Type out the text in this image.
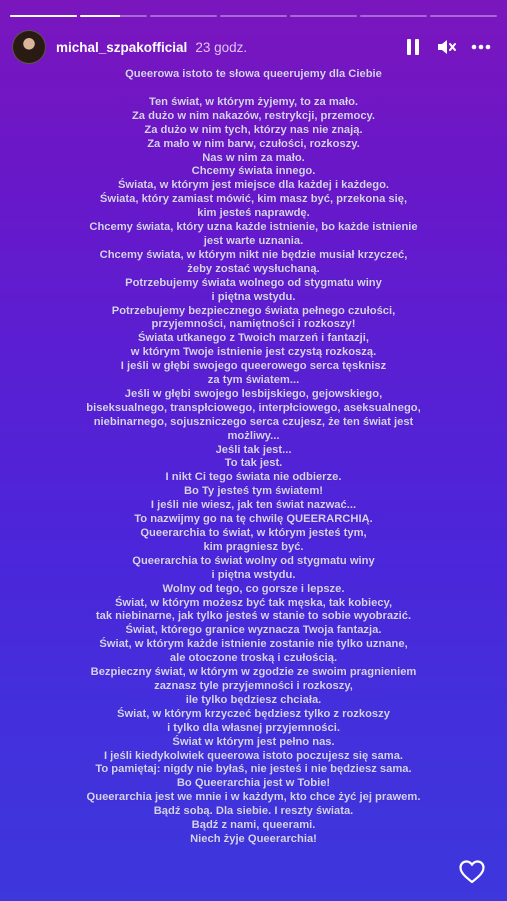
michal_szpakofficial 23 godz.
Queerowa istoto te słowa queerujemy dla Ciebie
Ten świat, w którym żyjemy, to za mało.
Za dużo w nim nakazów, restrykcji, przemocy.
Za dużo w nim tych, którzy nas nie znają.
Za mało w nim barw, czułości, rozkoszy.
Nas w nim za mało.
Chcemy świata innego.
Świata, w którym jest miejsce dla każdej i każdego.
Świata, który zamiast mówić, kim masz być, przekona się,
kim jesteś naprawdę.
Chcemy świata, który uzna każde istnienie, bo każde istnienie
jest warte uznania.
Chcemy świata, w którym nikt nie będzie musiał krzyczeć,
żeby zostać wysłuchaną.
Potrzebujemy świata wolnego od stygmatu winy
i piętna wstydu.
Potrzebujemy bezpiecznego świata pełnego czułości,
przyjemności, namiętności i rozkoszy!
Świata utkanego z Twoich marzeń i fantazji,
w którym Twoje istnienie jest czystą rozkoszą.
I jeśli w głębi swojego queerowego serca tęsknisz
za tym światem...
Jeśli w głębi swojego lesbijskiego, gejowskiego,
biseksualnego, transpłciowego, interpłciowego, aseksualnego,
niebinarnego, sojuszniczego serca czujesz, że ten świat jest
możliwy...
Jeśli tak jest...
To tak jest.
I nikt Ci tego świata nie odbierze.
Bo Ty jesteś tym światem!
I jeśli nie wiesz, jak ten świat nazwać...
To nazwijmy go na tę chwilę QUEERARCHIĄ.
Queerarchia to świat, w którym jesteś tym,
kim pragniesz być.
Queerarchia to świat wolny od stygmatu winy
i piętna wstydu.
Wolny od tego, co gorsze i lepsze.
Świat, w którym możesz być tak męska, tak kobiecy,
tak niebinarne, jak tylko jesteś w stanie to sobie wyobrazić.
Świat, którego granice wyznacza Twoja fantazja.
Świat, w którym każde istnienie zostanie nie tylko uznane,
ale otoczone troską i czułością.
Bezpieczny świat, w którym w zgodzie ze swoim pragnieniem
zaznasz tyle przyjemności i rozkoszy,
ile tylko będziesz chciała.
Świat, w którym krzyczeć będziesz tylko z rozkoszy
i tylko dla własnej przyjemności.
Świat w którym jest pełno nas.
I jeśli kiedykolwiek queerowa istoto poczujesz się sama.
To pamiętaj: nigdy nie byłaś, nie jesteś i nie będziesz sama.
Bo Queerarchia jest w Tobie!
Queerarchia jest we mnie i w każdym, kto chce żyć jej prawem.
Bądź sobą. Dla siebie. I reszty świata.
Bądź z nami, queerami.
Niech żyje Queerarchia!
